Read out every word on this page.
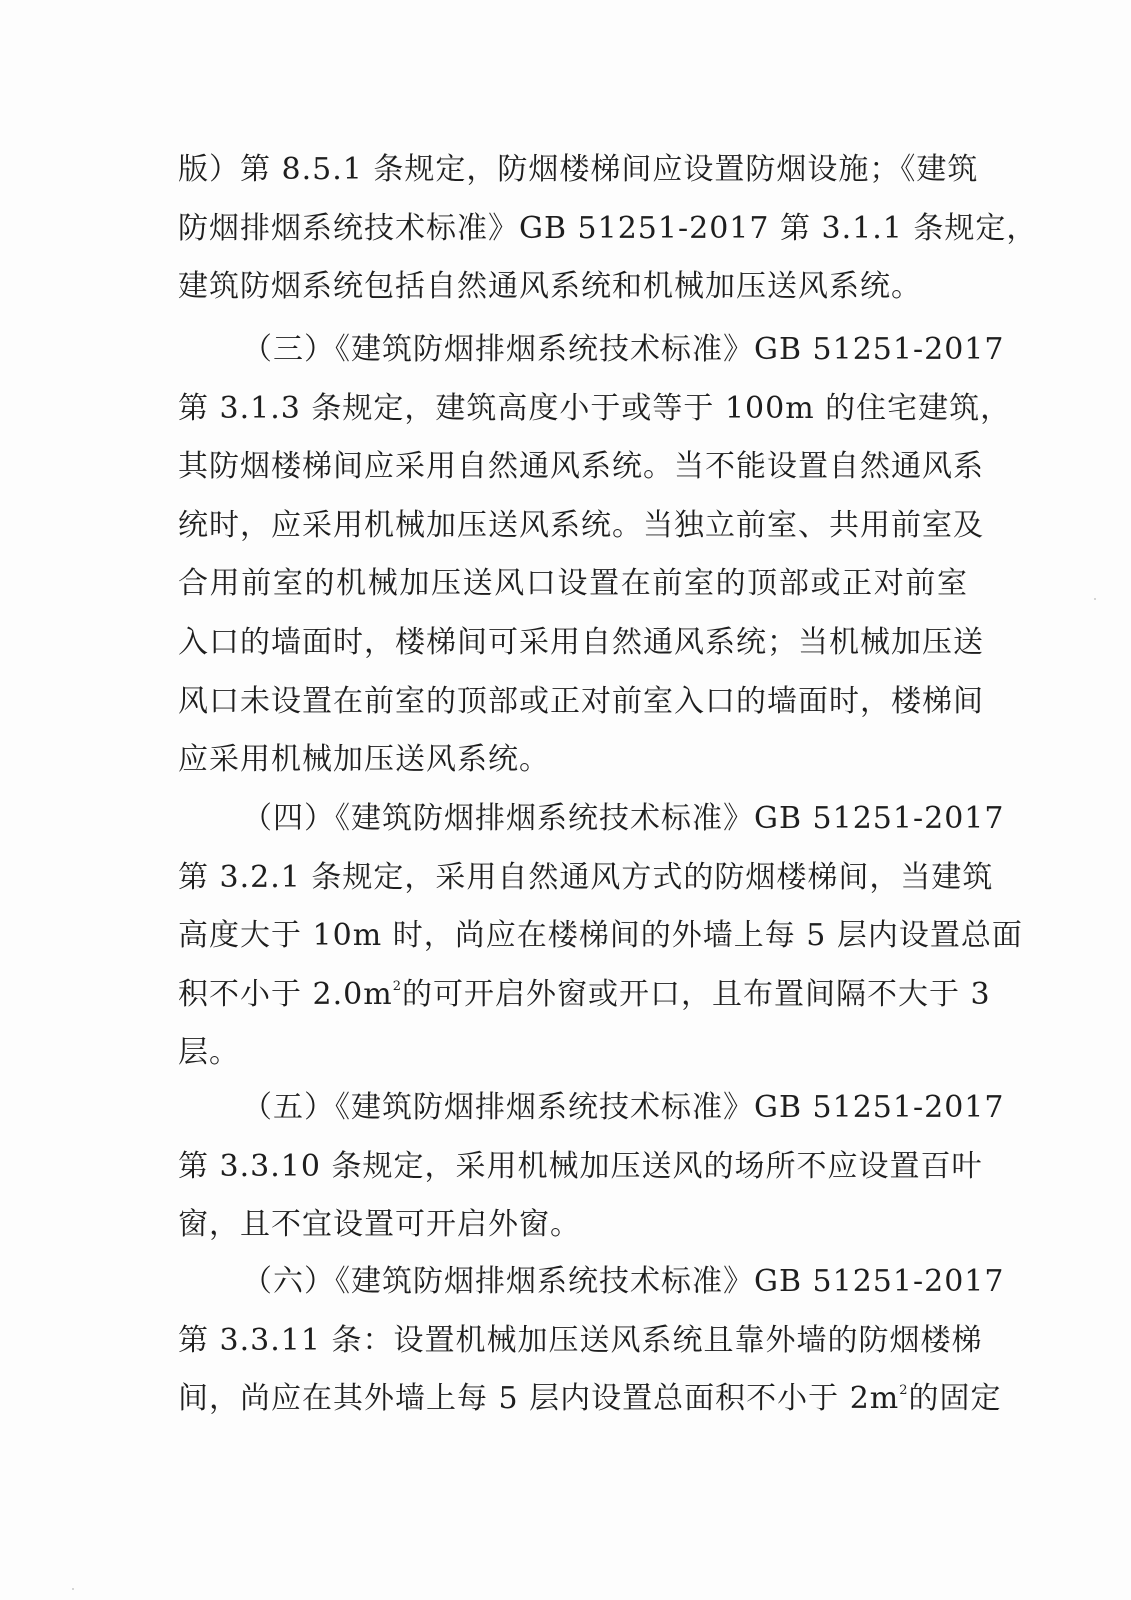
版）第 8.5.1 条规定，防烟楼梯间应设置防烟设施；《建筑
防烟排烟系统技术标准》GB 51251-2017 第 3.1.1 条规定，
建筑防烟系统包括自然通风系统和机械加压送风系统。
（三）《建筑防烟排烟系统技术标准》GB 51251-2017
第 3.1.3 条规定，建筑高度小于或等于 100m 的住宅建筑，
其防烟楼梯间应采用自然通风系统。当不能设置自然通风系
统时，应采用机械加压送风系统。当独立前室、共用前室及
合用前室的机械加压送风口设置在前室的顶部或正对前室
入口的墙面时，楼梯间可采用自然通风系统；当机械加压送
风口未设置在前室的顶部或正对前室入口的墙面时，楼梯间
应采用机械加压送风系统。
（四）《建筑防烟排烟系统技术标准》GB 51251-2017
第 3.2.1 条规定，采用自然通风方式的防烟楼梯间，当建筑
高度大于 10m 时，尚应在楼梯间的外墙上每 5 层内设置总面
积不小于 $2.0m^2$的可开启外窗或开口，且布置间隔不大于 3
层。
（五）《建筑防烟排烟系统技术标准》GB 51251-2017
第 3.3.10 条规定，采用机械加压送风的场所不应设置百叶
窗，且不宜设置可开启外窗。
（六）《建筑防烟排烟系统技术标准》GB 51251-2017
第 3.3.11 条：设置机械加压送风系统且靠外墙的防烟楼梯
间，尚应在其外墙上每 5 层内设置总面积不小于 $2m^2$的固定
